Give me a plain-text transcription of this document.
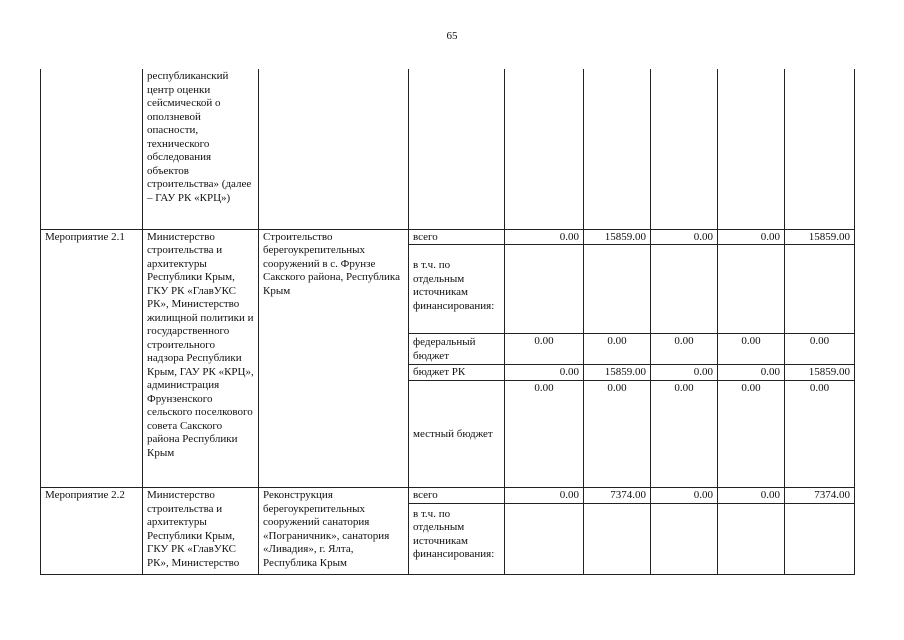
65
	республиканский центр оценки сейсмической о оползневой опасности, технического обследования объектов строительства» (далее – ГАУ РК «КРЦ»)							
Мероприятие 2.1	Министерство строительства и архитектуры Республики Крым, ГКУ РК «ГлавУКС РК», Министерство жилищной политики и государственного строительного надзора Республики Крым, ГАУ РК «КРЦ», администрация Фрунзенского сельского поселкового совета Сакского района Республики Крым	Строительство берегоукрепительных сооружений в с. Фрунзе Сакского района, Республика Крым	всего	0.00	15859.00	0.00	0.00	15859.00
			в т.ч. по отдельным источникам финансирования:					
			федеральный бюджет	0.00	0.00	0.00	0.00	0.00
			бюджет РК	0.00	15859.00	0.00	0.00	15859.00
			местный бюджет	0.00	0.00	0.00	0.00	0.00
Мероприятие 2.2	Министерство строительства и архитектуры Республики Крым, ГКУ РК «ГлавУКС РК», Министерство	Реконструкция берегоукрепительных сооружений санатория «Пограничник», санатория «Ливадия», г. Ялта, Республика Крым	всего	0.00	7374.00	0.00	0.00	7374.00
			в т.ч. по отдельным источникам финансирования:					
